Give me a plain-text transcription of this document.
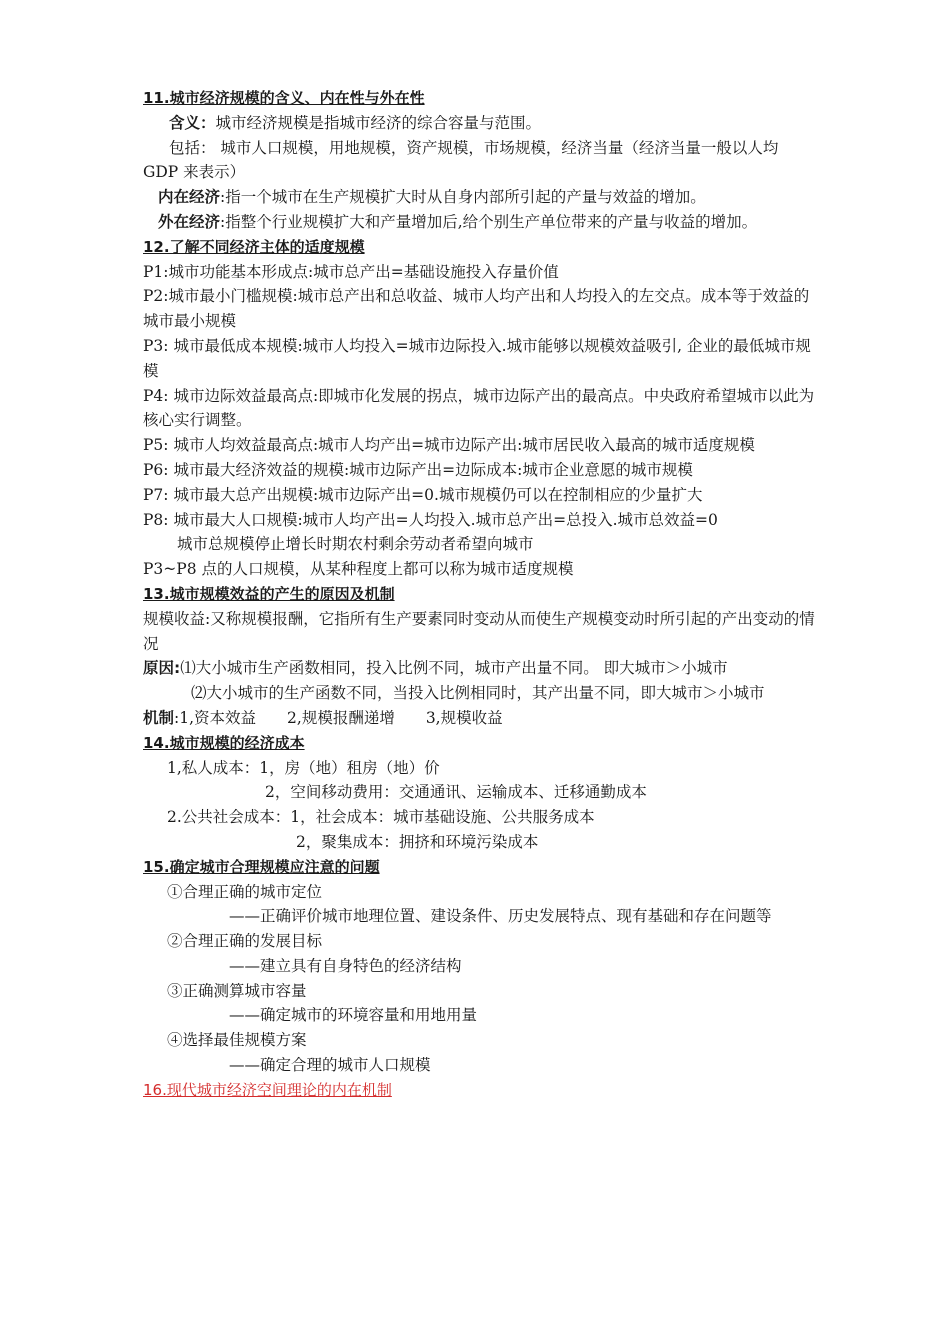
11.城市经济规模的含义、内在性与外在性

含义：城市经济规模是指城市经济的综合容量与范围。

包括： 城市人口规模，用地规模，资产规模，市场规模，经济当量（经济当量一般以人均 GDP 来表示）

内在经济:指一个城市在生产规模扩大时从自身内部所引起的产量与效益的增加。

外在经济:指整个行业规模扩大和产量增加后,给个别生产单位带来的产量与收益的增加。

12.了解不同经济主体的适度规模

P1:城市功能基本形成点:城市总产出=基础设施投入存量价值

P2:城市最小门槛规模:城市总产出和总收益、城市人均产出和人均投入的左交点。成本等于效益的城市最小规模

P3: 城市最低成本规模:城市人均投入=城市边际投入.城市能够以规模效益吸引, 企业的最低城市规模

P4: 城市边际效益最高点:即城市化发展的拐点，城市边际产出的最高点。中央政府希望城市以此为核心实行调整。

P5: 城市人均效益最高点:城市人均产出=城市边际产出:城市居民收入最高的城市适度规模

P6: 城市最大经济效益的规模:城市边际产出=边际成本:城市企业意愿的城市规模

P7: 城市最大总产出规模:城市边际产出=0.城市规模仍可以在控制相应的少量扩大

P8: 城市最大人口规模:城市人均产出=人均投入.城市总产出=总投入.城市总效益=0

城市总规模停止增长时期农村剩余劳动者希望向城市

P3~P8 点的人口规模，从某种程度上都可以称为城市适度规模

13.城市规模效益的产生的原因及机制

规模收益:又称规模报酬，它指所有生产要素同时变动从而使生产规模变动时所引起的产出变动的情况

原因:⑴大小城市生产函数相同，投入比例不同，城市产出量不同。 即大城市＞小城市

⑵大小城市的生产函数不同，当投入比例相同时，其产出量不同，即大城市＞小城市

机制:1,资本效益　　2,规模报酬递增　　3,规模收益

14.城市规模的经济成本

1,私人成本：1，房（地）租房（地）价

2，空间移动费用：交通通讯、运输成本、迁移通勤成本

2.公共社会成本：1，社会成本：城市基础设施、公共服务成本

2，聚集成本：拥挤和环境污染成本

15.确定城市合理规模应注意的问题

①合理正确的城市定位

——正确评价城市地理位置、建设条件、历史发展特点、现有基础和存在问题等

②合理正确的发展目标

——建立具有自身特色的经济结构

③正确测算城市容量

——确定城市的环境容量和用地用量

④选择最佳规模方案

——确定合理的城市人口规模

16.现代城市经济空间理论的内在机制
